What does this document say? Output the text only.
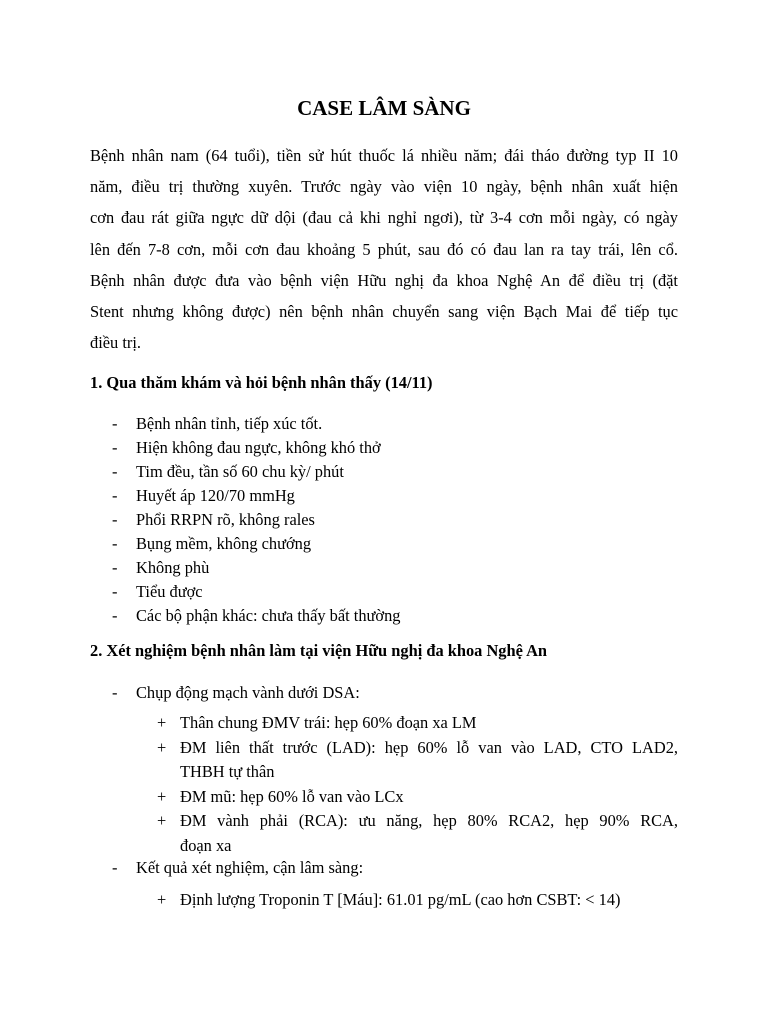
CASE LÂM SÀNG
Bệnh nhân nam (64 tuổi), tiền sử hút thuốc lá nhiều năm; đái tháo đường typ II 10
năm, điều trị thường xuyên. Trước ngày vào viện 10 ngày, bệnh nhân xuất hiện
cơn đau rát giữa ngực dữ dội (đau cả khi nghỉ ngơi), từ 3-4 cơn mỗi ngày, có ngày
lên đến 7-8 cơn, mỗi cơn đau khoảng 5 phút, sau đó có đau lan ra tay trái, lên cổ.
Bệnh nhân được đưa vào bệnh viện Hữu nghị đa khoa Nghệ An để điều trị (đặt
Stent nhưng không được) nên bệnh nhân chuyển sang viện Bạch Mai để tiếp tục
điều trị.
1. Qua thăm khám và hỏi bệnh nhân thấy (14/11)
- Bệnh nhân tỉnh, tiếp xúc tốt.
- Hiện không đau ngực, không khó thở
- Tim đều, tần số 60 chu kỳ/ phút
- Huyết áp 120/70 mmHg
- Phổi RRPN rõ, không rales
- Bụng mềm, không chướng
- Không phù
- Tiểu được
- Các bộ phận khác: chưa thấy bất thường
2. Xét nghiệm bệnh nhân làm tại viện Hữu nghị đa khoa Nghệ An
- Chụp động mạch vành dưới DSA:
+ Thân chung ĐMV trái: hẹp 60% đoạn xa LM
+ ĐM liên thất trước (LAD): hẹp 60% lỗ van vào LAD, CTO LAD2,
THBH tự thân
+ ĐM mũ: hẹp 60% lỗ van vào LCx
+ ĐM vành phải (RCA): ưu năng, hẹp 80% RCA2, hẹp 90% RCA,
đoạn xa
- Kết quả xét nghiệm, cận lâm sàng:
+ Định lượng Troponin T [Máu]: 61.01 pg/mL (cao hơn CSBT: < 14)
